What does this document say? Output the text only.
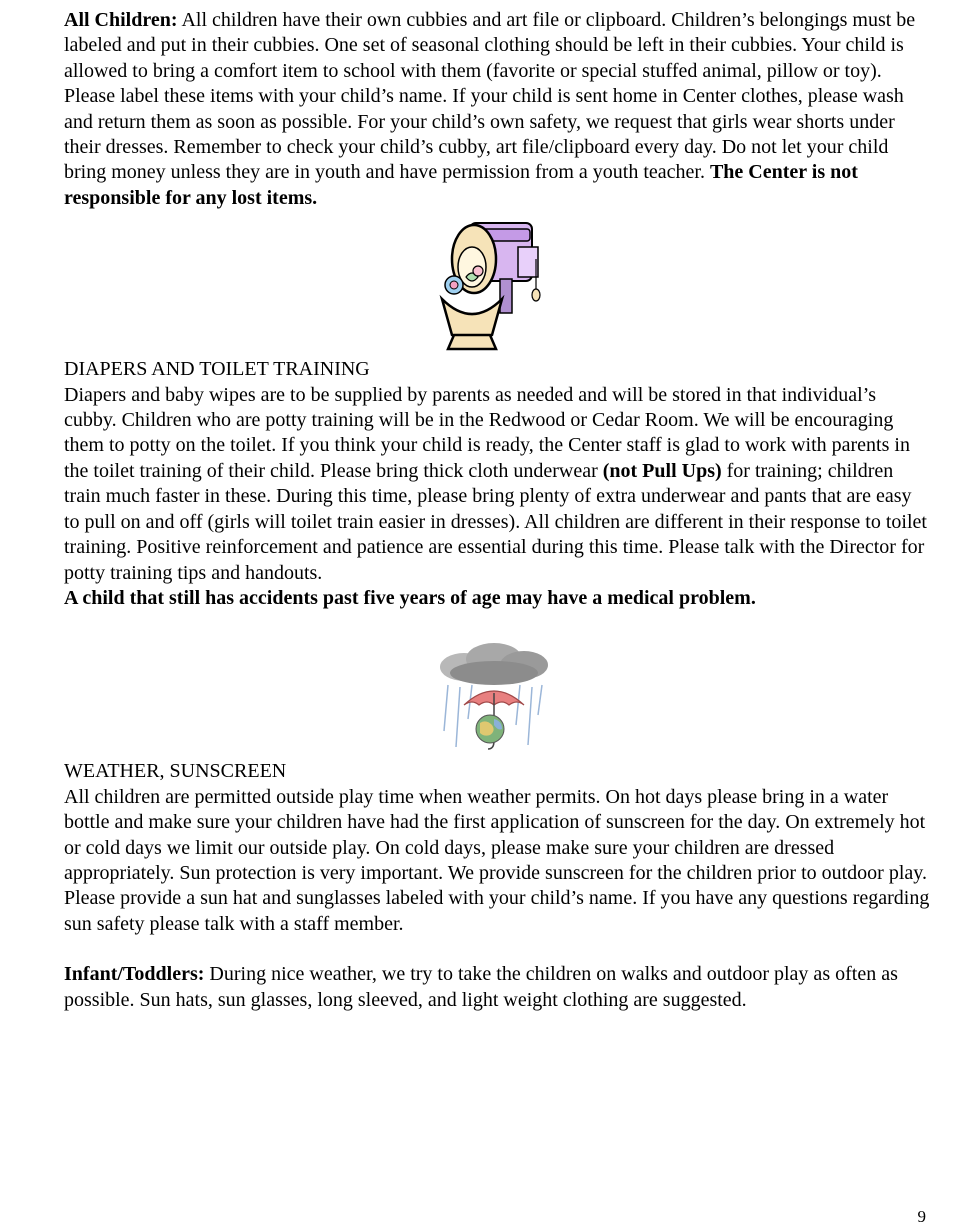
All Children: All children have their own cubbies and art file or clipboard. Children’s belongings must be labeled and put in their cubbies. One set of seasonal clothing should be left in their cubbies. Your child is allowed to bring a comfort item to school with them (favorite or special stuffed animal, pillow or toy). Please label these items with your child’s name. If your child is sent home in Center clothes, please wash and return them as soon as possible. For your child’s own safety, we request that girls wear shorts under their dresses. Remember to check your child’s cubby, art file/clipboard every day. Do not let your child bring money unless they are in youth and have permission from a youth teacher. The Center is not responsible for any lost items.

DIAPERS AND TOILET TRAINING

Diapers and baby wipes are to be supplied by parents as needed and will be stored in that individual’s cubby. Children who are potty training will be in the Redwood or Cedar Room. We will be encouraging them to potty on the toilet. If you think your child is ready, the Center staff is glad to work with parents in the toilet training of their child. Please bring thick cloth underwear (not Pull Ups) for training; children train much faster in these. During this time, please bring plenty of extra underwear and pants that are easy to pull on and off (girls will toilet train easier in dresses). All children are different in their response to toilet training. Positive reinforcement and patience are essential during this time. Please talk with the Director for potty training tips and handouts.

A child that still has accidents past five years of age may have a medical problem.

WEATHER, SUNSCREEN

All children are permitted outside play time when weather permits. On hot days please bring in a water bottle and make sure your children have had the first application of sunscreen for the day. On extremely hot or cold days we limit our outside play. On cold days, please make sure your children are dressed appropriately. Sun protection is very important. We provide sunscreen for the children prior to outdoor play. Please provide a sun hat and sunglasses labeled with your child’s name. If you have any questions regarding sun safety please talk with a staff member.

Infant/Toddlers: During nice weather, we try to take the children on walks and outdoor play as often as possible. Sun hats, sun glasses, long sleeved, and light weight clothing are suggested.

9
